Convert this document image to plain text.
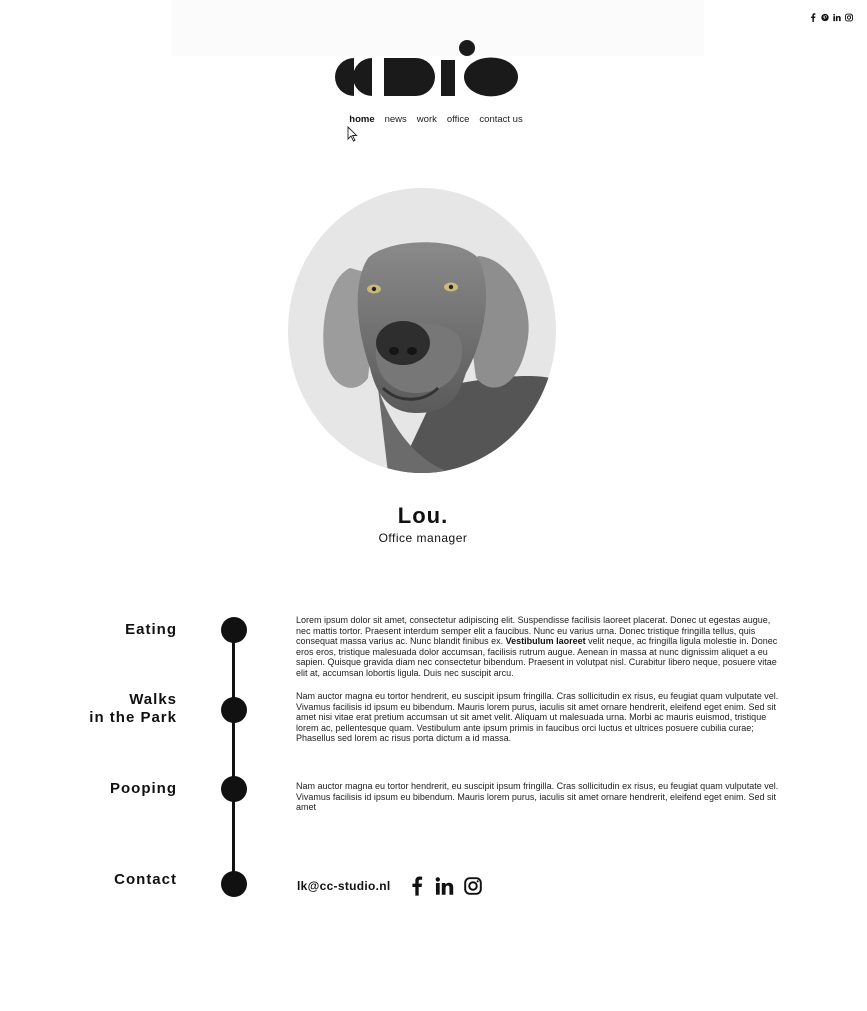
home news work office contact us
Lou.
Office manager
Eating
Walks
in the Park
Pooping
Contact
Lorem ipsum dolor sit amet, consectetur adipiscing elit. Suspendisse facilisis laoreet placerat. Donec ut egestas augue, nec mattis tortor. Praesent interdum semper elit a faucibus. Nunc eu varius urna. Donec tristique fringilla tellus, quis consequat massa varius ac. Nunc blandit finibus ex. Vestibulum laoreet velit neque, ac fringilla ligula molestie in. Donec eros eros, tristique malesuada dolor accumsan, facilisis rutrum augue. Aenean in massa at nunc dignissim aliquet a eu sapien. Quisque gravida diam nec consectetur bibendum. Praesent in volutpat nisl. Curabitur libero neque, posuere vitae elit at, accumsan lobortis ligula. Duis nec suscipit arcu.
Nam auctor magna eu tortor hendrerit, eu suscipit ipsum fringilla. Cras sollicitudin ex risus, eu feugiat quam vulputate vel. Vivamus facilisis id ipsum eu bibendum. Mauris lorem purus, iaculis sit amet ornare hendrerit, eleifend eget enim. Sed sit amet nisi vitae erat pretium accumsan ut sit amet velit. Aliquam ut malesuada urna. Morbi ac mauris euismod, tristique lorem ac, pellentesque quam. Vestibulum ante ipsum primis in faucibus orci luctus et ultrices posuere cubilia curae; Phasellus sed lorem ac risus porta dictum a id massa.
Nam auctor magna eu tortor hendrerit, eu suscipit ipsum fringilla. Cras sollicitudin ex risus, eu feugiat quam vulputate vel. Vivamus facilisis id ipsum eu bibendum. Mauris lorem purus, iaculis sit amet ornare hendrerit, eleifend eget enim. Sed sit amet
lk@cc-studio.nl
